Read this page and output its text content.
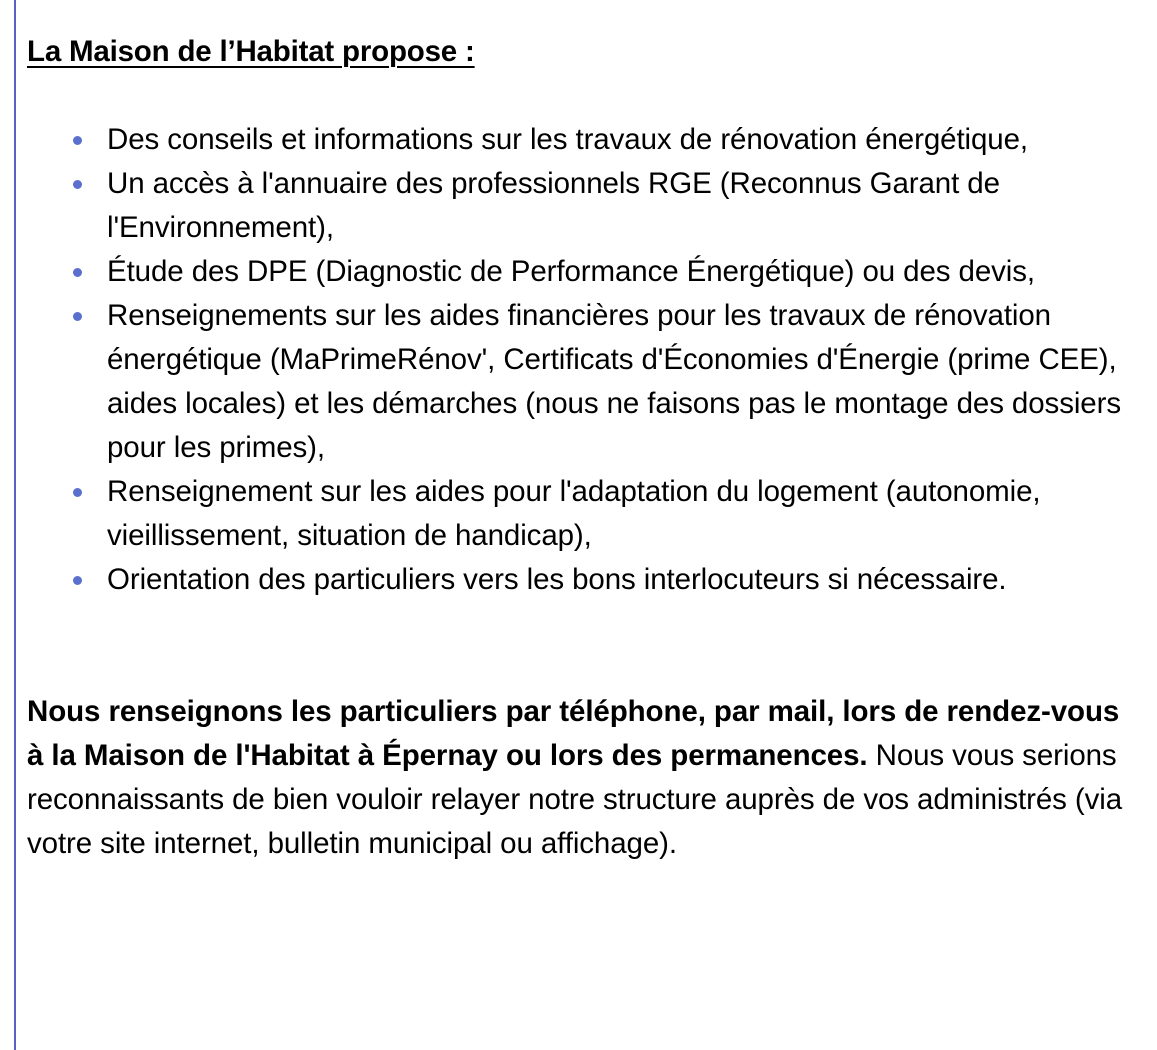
La Maison de l’Habitat propose :
Des conseils et informations sur les travaux de rénovation énergétique,
Un accès à l'annuaire des professionnels RGE (Reconnus Garant de l'Environnement),
Étude des DPE (Diagnostic de Performance Énergétique) ou des devis,
Renseignements sur les aides financières pour les travaux de rénovation énergétique (MaPrimeRénov', Certificats d'Économies d'Énergie (prime CEE), aides locales) et les démarches (nous ne faisons pas le montage des dossiers pour les primes),
Renseignement sur les aides pour l'adaptation du logement (autonomie, vieillissement, situation de handicap),
Orientation des particuliers vers les bons interlocuteurs si nécessaire.

Nous renseignons les particuliers par téléphone, par mail, lors de rendez-vous à la Maison de l'Habitat à Épernay ou lors des permanences. Nous vous serions reconnaissants de bien vouloir relayer notre structure auprès de vos administrés (via votre site internet, bulletin municipal ou affichage).
